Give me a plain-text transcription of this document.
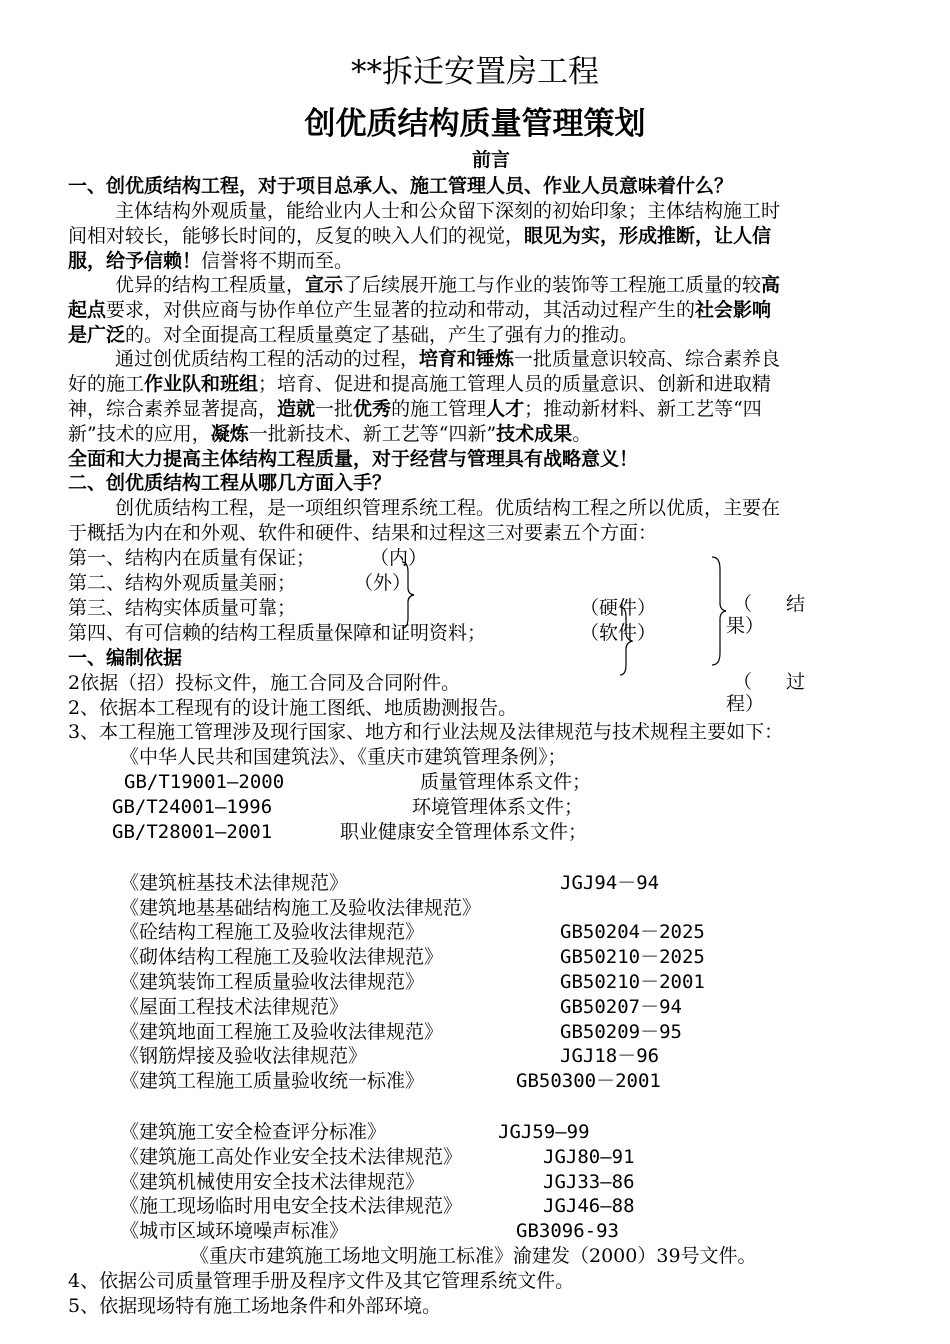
**拆迁安置房工程
创优质结构质量管理策划
前言
一、创优质结构工程，对于项目总承人、施工管理人员、作业人员意味着什么？
主体结构外观质量，能给业内人士和公众留下深刻的初始印象；主体结构施工时
间相对较长，能够长时间的，反复的映入人们的视觉，眼见为实，形成推断，让人信
服，给予信赖！信誉将不期而至。
优异的结构工程质量，宣示了后续展开施工与作业的装饰等工程施工质量的较高
起点要求，对供应商与协作单位产生显著的拉动和带动，其活动过程产生的社会影响
是广泛的。对全面提高工程质量奠定了基础，产生了强有力的推动。
通过创优质结构工程的活动的过程，培育和锤炼一批质量意识较高、综合素养良
好的施工作业队和班组；培育、促进和提高施工管理人员的质量意识、创新和进取精
神，综合素养显著提高，造就一批优秀的施工管理人才；推动新材料、新工艺等“四
新”技术的应用，凝炼一批新技术、新工艺等“四新”技术成果。
全面和大力提高主体结构工程质量，对于经营与管理具有战略意义！
二、创优质结构工程从哪几方面入手？
创优质结构工程，是一项组织管理系统工程。优质结构工程之所以优质，主要在
于概括为内在和外观、软件和硬件、结果和过程这三对要素五个方面：
第一、结构内在质量有保证；	（内）
第二、结构外观质量美丽；	（外）
第三、结构实体质量可靠；	（硬件）
第四、有可信赖的结构工程质量保障和证明资料；	（软件）
（ 结
果）
（ 过
程）
一、编制依据
2依据（招）投标文件，施工合同及合同附件。
2、依据本工程现有的设计施工图纸、地质勘测报告。
3、本工程施工管理涉及现行国家、地方和行业法规及法律规范与技术规程主要如下：
《中华人民共和国建筑法》、《重庆市建筑管理条例》；
GB/T19001—2000	质量管理体系文件；
GB/T24001—1996	环境管理体系文件；
GB/T28001—2001	职业健康安全管理体系文件；
《建筑桩基技术法律规范》	JGJ94－94
《建筑地基基础结构施工及验收法律规范》
《砼结构工程施工及验收法律规范》	GB50204－2025
《砌体结构工程施工及验收法律规范》	GB50210－2025
《建筑装饰工程质量验收法律规范》	GB50210－2001
《屋面工程技术法律规范》	GB50207－94
《建筑地面工程施工及验收法律规范》	GB50209－95
《钢筋焊接及验收法律规范》	JGJ18－96
《建筑工程施工质量验收统一标准》	GB50300－2001
《建筑施工安全检查评分标准》	JGJ59—99
《建筑施工高处作业安全技术法律规范》	JGJ80—91
《建筑机械使用安全技术法律规范》	JGJ33—86
《施工现场临时用电安全技术法律规范》	JGJ46—88
《城市区域环境噪声标准》	GB3096-93
《重庆市建筑施工场地文明施工标准》渝建发（2000）39号文件。
4、依据公司质量管理手册及程序文件及其它管理系统文件。
5、依据现场特有施工场地条件和外部环境。
